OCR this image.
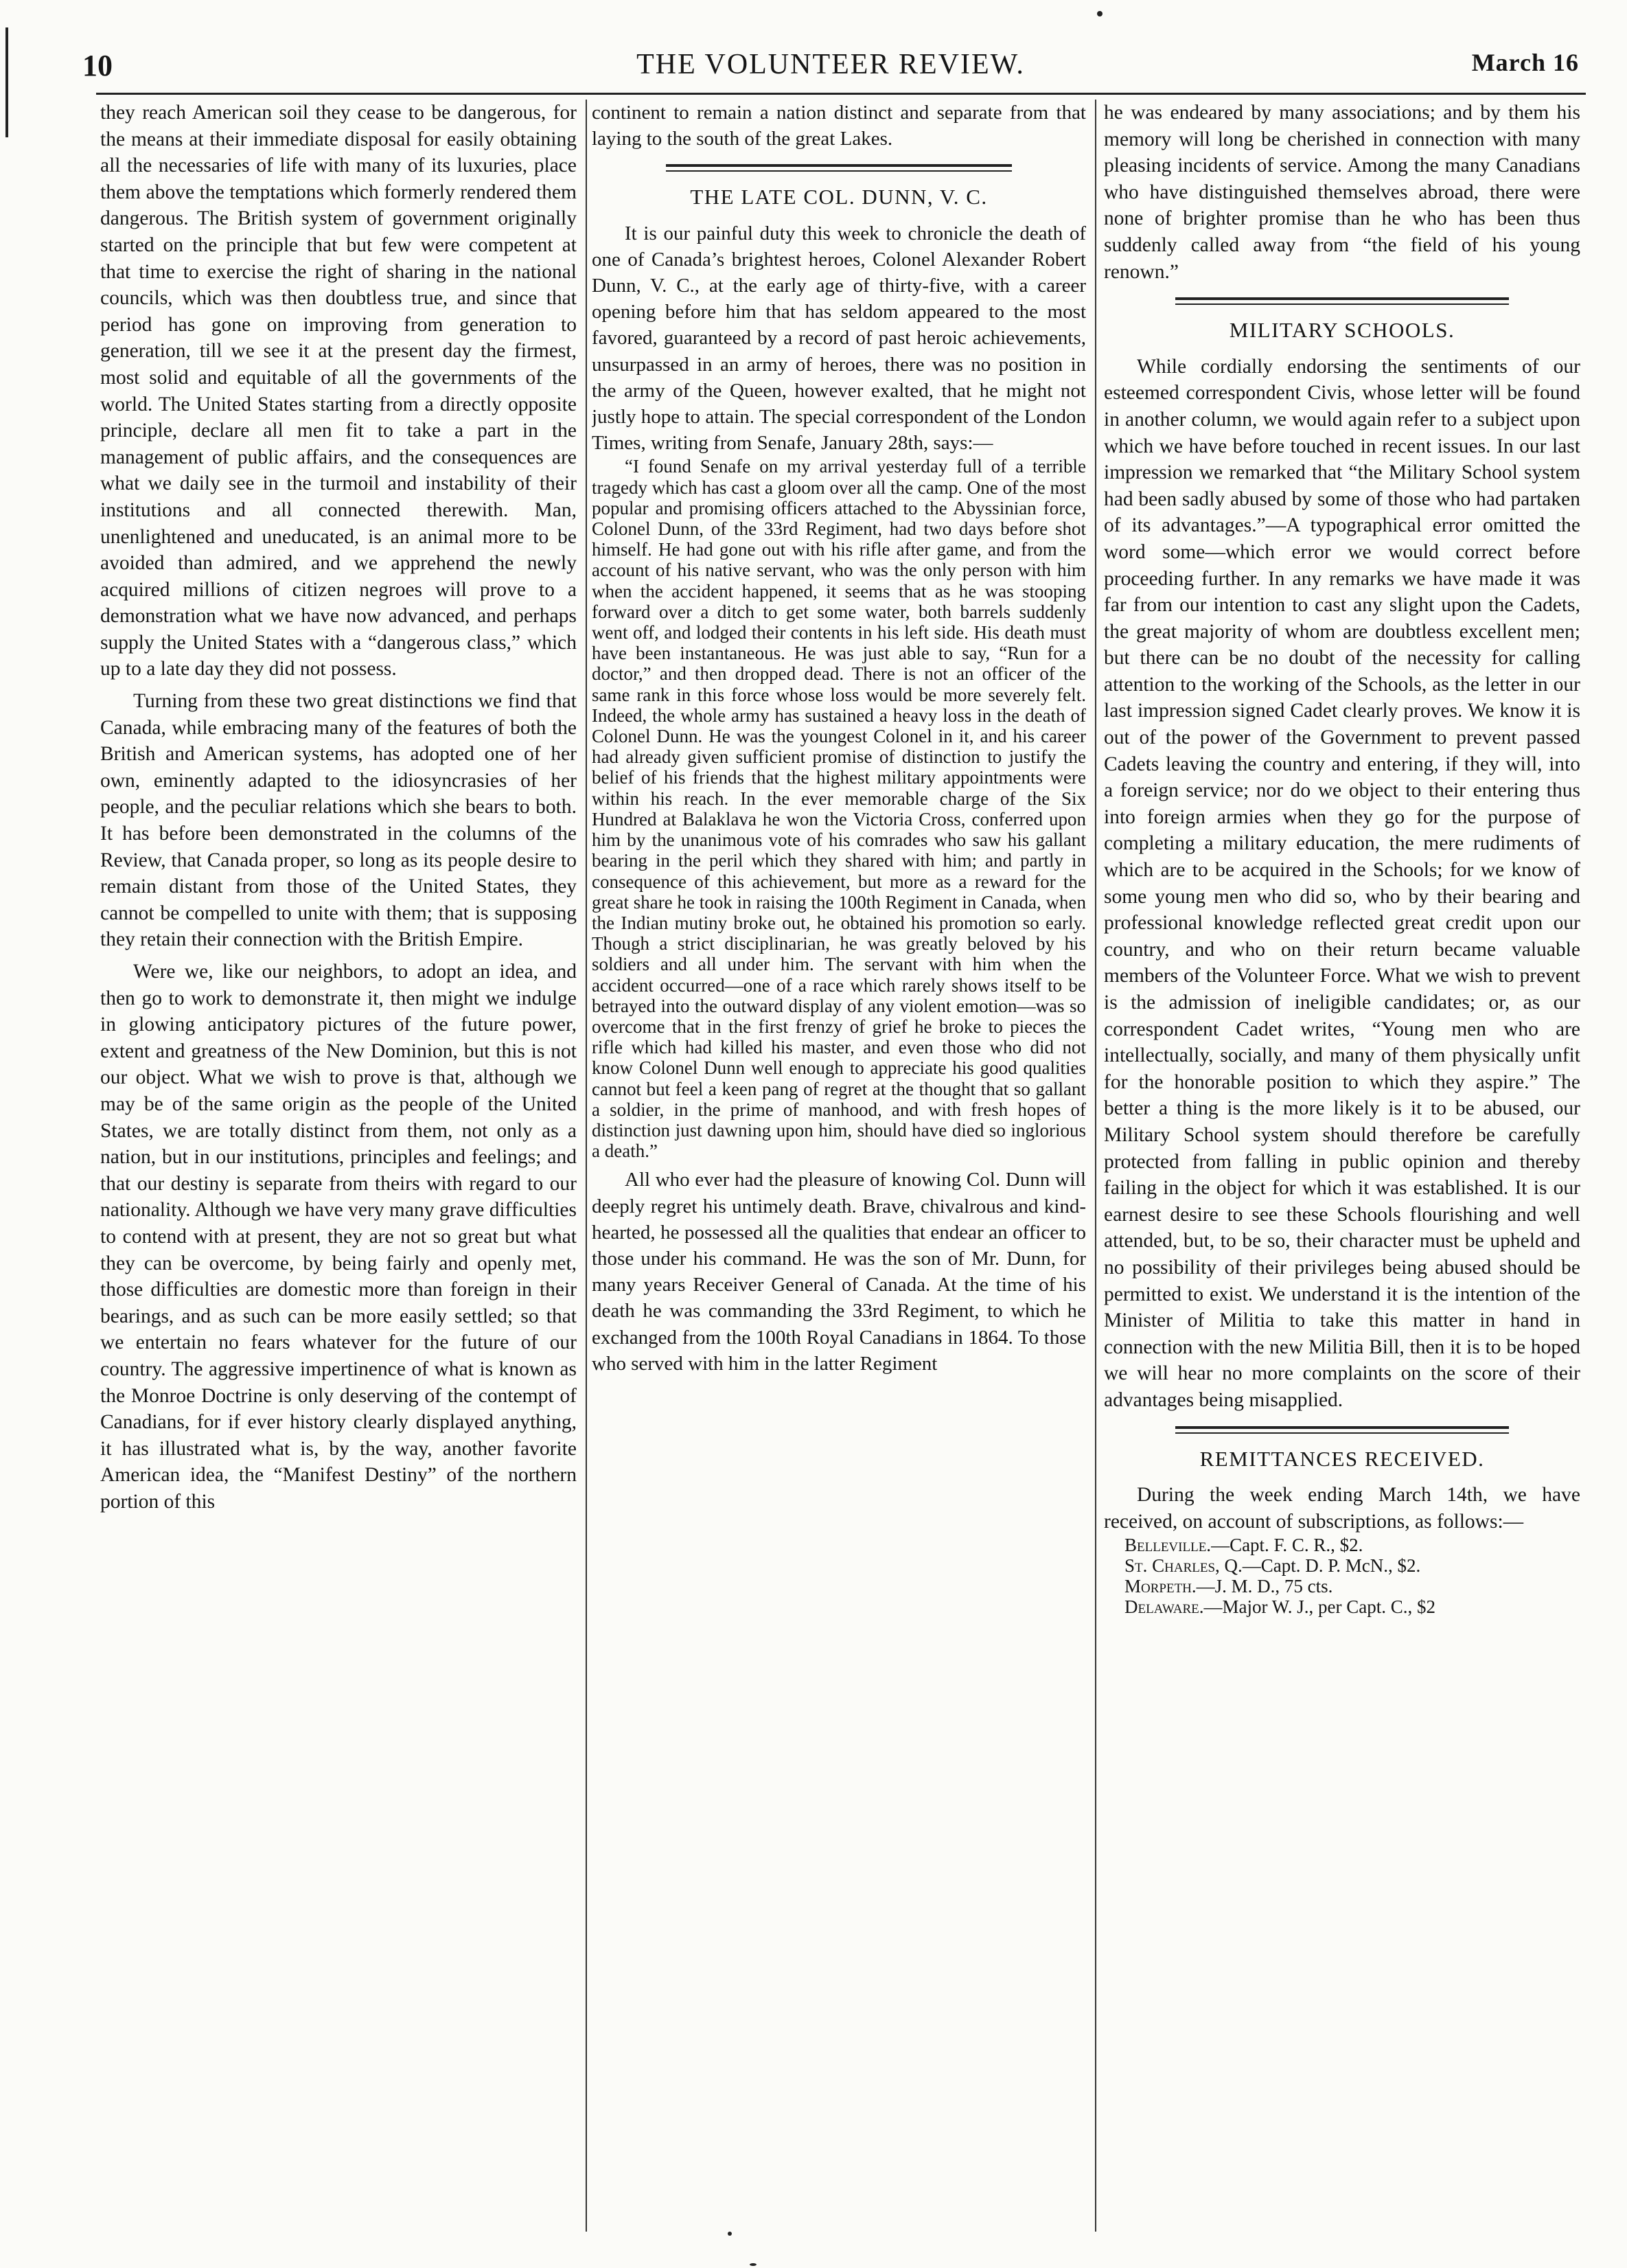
10	THE VOLUNTEER REVIEW.	March 16

they reach American soil they cease to be dangerous, for the means at their immediate disposal for easily obtaining all the necessaries of life with many of its luxuries, place them above the temptations which formerly rendered them dangerous. The British system of government originally started on the principle that but few were competent at that time to exercise the right of sharing in the national councils, which was then doubtless true, and since that period has gone on improving from generation to generation, till we see it at the present day the firmest, most solid and equitable of all the governments of the world. The United States starting from a directly opposite principle, declare all men fit to take a part in the management of public affairs, and the consequences are what we daily see in the turmoil and instability of their institutions and all connected therewith. Man, unenlightened and uneducated, is an animal more to be avoided than admired, and we apprehend the newly acquired millions of citizen negroes will prove to a demonstration what we have now advanced, and perhaps supply the United States with a “dangerous class,” which up to a late day they did not possess.

Turning from these two great distinctions we find that Canada, while embracing many of the features of both the British and American systems, has adopted one of her own, eminently adapted to the idiosyncrasies of her people, and the peculiar relations which she bears to both. It has before been demonstrated in the columns of the Review, that Canada proper, so long as its people desire to remain distant from those of the United States, they cannot be compelled to unite with them; that is supposing they retain their connection with the British Empire.

Were we, like our neighbors, to adopt an idea, and then go to work to demonstrate it, then might we indulge in glowing anticipatory pictures of the future power, extent and greatness of the New Dominion, but this is not our object. What we wish to prove is that, although we may be of the same origin as the people of the United States, we are totally distinct from them, not only as a nation, but in our institutions, principles and feelings; and that our destiny is separate from theirs with regard to our nationality. Although we have very many grave difficulties to contend with at present, they are not so great but what they can be overcome, by being fairly and openly met, those difficulties are domestic more than foreign in their bearings, and as such can be more easily settled; so that we entertain no fears whatever for the future of our country. The aggressive impertinence of what is known as the Monroe Doctrine is only deserving of the contempt of Canadians, for if ever history clearly displayed anything, it has illustrated what is, by the way, another favorite American idea, the “Manifest Destiny” of the northern portion of this

continent to remain a nation distinct and separate from that laying to the south of the great Lakes.

THE LATE COL. DUNN, V. C.

It is our painful duty this week to chronicle the death of one of Canada’s brightest heroes, Colonel Alexander Robert Dunn, V. C., at the early age of thirty-five, with a career opening before him that has seldom appeared to the most favored, guaranteed by a record of past heroic achievements, unsurpassed in an army of heroes, there was no position in the army of the Queen, however exalted, that he might not justly hope to attain. The special correspondent of the London Times, writing from Senafe, January 28th, says:—

“I found Senafe on my arrival yesterday full of a terrible tragedy which has cast a gloom over all the camp. One of the most popular and promising officers attached to the Abyssinian force, Colonel Dunn, of the 33rd Regiment, had two days before shot himself. He had gone out with his rifle after game, and from the account of his native servant, who was the only person with him when the accident happened, it seems that as he was stooping forward over a ditch to get some water, both barrels suddenly went off, and lodged their contents in his left side. His death must have been instantaneous. He was just able to say, “Run for a doctor,” and then dropped dead. There is not an officer of the same rank in this force whose loss would be more severely felt. Indeed, the whole army has sustained a heavy loss in the death of Colonel Dunn. He was the youngest Colonel in it, and his career had already given sufficient promise of distinction to justify the belief of his friends that the highest military appointments were within his reach. In the ever memorable charge of the Six Hundred at Balaklava he won the Victoria Cross, conferred upon him by the unanimous vote of his comrades who saw his gallant bearing in the peril which they shared with him; and partly in consequence of this achievement, but more as a reward for the great share he took in raising the 100th Regiment in Canada, when the Indian mutiny broke out, he obtained his promotion so early. Though a strict disciplinarian, he was greatly beloved by his soldiers and all under him. The servant with him when the accident occurred—one of a race which rarely shows itself to be betrayed into the outward display of any violent emotion—was so overcome that in the first frenzy of grief he broke to pieces the rifle which had killed his master, and even those who did not know Colonel Dunn well enough to appreciate his good qualities cannot but feel a keen pang of regret at the thought that so gallant a soldier, in the prime of manhood, and with fresh hopes of distinction just dawning upon him, should have died so inglorious a death.”

All who ever had the pleasure of knowing Col. Dunn will deeply regret his untimely death. Brave, chivalrous and kind-hearted, he possessed all the qualities that endear an officer to those under his command. He was the son of Mr. Dunn, for many years Receiver General of Canada. At the time of his death he was commanding the 33rd Regiment, to which he exchanged from the 100th Royal Canadians in 1864. To those who served with him in the latter Regiment

he was endeared by many associations; and by them his memory will long be cherished in connection with many pleasing incidents of service. Among the many Canadians who have distinguished themselves abroad, there were none of brighter promise than he who has been thus suddenly called away from “the field of his young renown.”

MILITARY SCHOOLS.

While cordially endorsing the sentiments of our esteemed correspondent Civis, whose letter will be found in another column, we would again refer to a subject upon which we have before touched in recent issues. In our last impression we remarked that “the Military School system had been sadly abused by some of those who had partaken of its advantages.”—A typographical error omitted the word some—which error we would correct before proceeding further. In any remarks we have made it was far from our intention to cast any slight upon the Cadets, the great majority of whom are doubtless excellent men; but there can be no doubt of the necessity for calling attention to the working of the Schools, as the letter in our last impression signed Cadet clearly proves. We know it is out of the power of the Government to prevent passed Cadets leaving the country and entering, if they will, into a foreign service; nor do we object to their entering thus into foreign armies when they go for the purpose of completing a military education, the mere rudiments of which are to be acquired in the Schools; for we know of some young men who did so, who by their bearing and professional knowledge reflected great credit upon our country, and who on their return became valuable members of the Volunteer Force. What we wish to prevent is the admission of ineligible candidates; or, as our correspondent Cadet writes, “Young men who are intellectually, socially, and many of them physically unfit for the honorable position to which they aspire.” The better a thing is the more likely is it to be abused, our Military School system should therefore be carefully protected from falling in public opinion and thereby failing in the object for which it was established. It is our earnest desire to see these Schools flourishing and well attended, but, to be so, their character must be upheld and no possibility of their privileges being abused should be permitted to exist. We understand it is the intention of the Minister of Militia to take this matter in hand in connection with the new Militia Bill, then it is to be hoped we will hear no more complaints on the score of their advantages being misapplied.

REMITTANCES RECEIVED.

During the week ending March 14th, we have received, on account of subscriptions, as follows:—

Belleville.—Capt. F. C. R., $2.
St. Charles, Q.—Capt. D. P. McN., $2.
Morpeth.—J. M. D., 75 cts.
Delaware.—Major W. J., per Capt. C., $2
